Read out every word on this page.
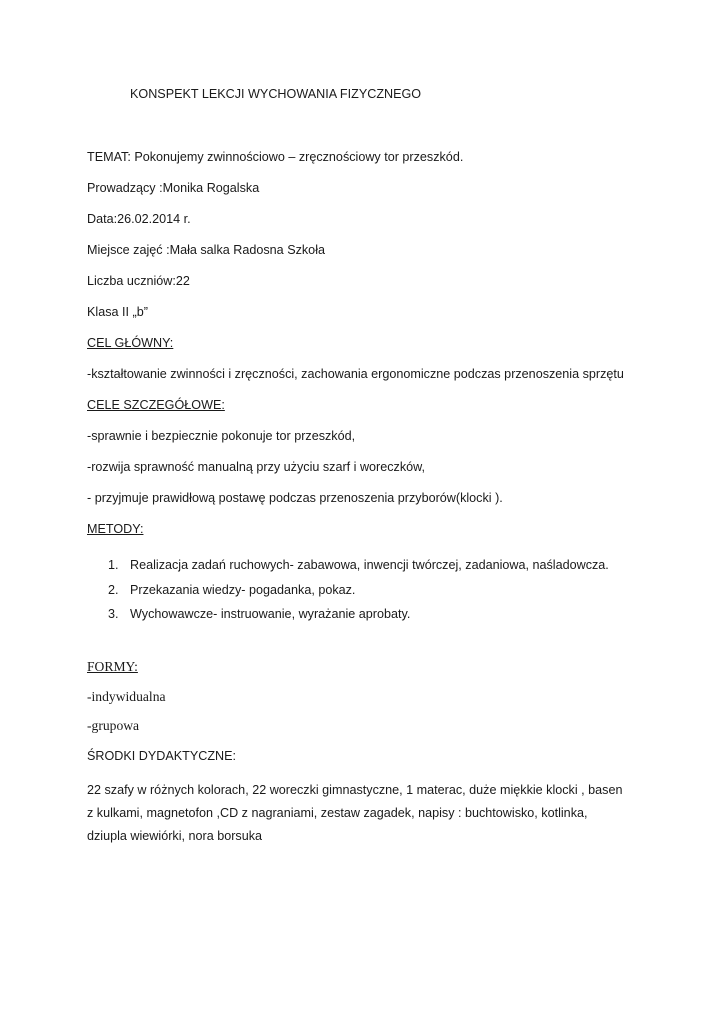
KONSPEKT LEKCJI WYCHOWANIA FIZYCZNEGO

TEMAT: Pokonujemy zwinnościowo – zręcznościowy tor przeszkód.

Prowadzący :Monika Rogalska

Data:26.02.2014 r.

Miejsce zajęć :Mała salka Radosna Szkoła

Liczba uczniów:22

Klasa II „b”

CEL GŁÓWNY:

-kształtowanie zwinności i zręczności, zachowania ergonomiczne podczas przenoszenia sprzętu

CELE SZCZEGÓŁOWE:

-sprawnie i bezpiecznie pokonuje tor przeszkód,

-rozwija sprawność manualną przy użyciu szarf i woreczków,

- przyjmuje prawidłową postawę podczas przenoszenia przyborów(klocki ).

METODY:

1. Realizacja zadań ruchowych- zabawowa, inwencji twórczej, zadaniowa, naśladowcza.
2. Przekazania wiedzy- pogadanka, pokaz.
3. Wychowawcze- instruowanie, wyrażanie aprobaty.

FORMY:

-indywidualna

-grupowa

ŚRODKI DYDAKTYCZNE:

22 szafy w różnych kolorach, 22 woreczki gimnastyczne, 1 materac, duże miękkie klocki , basen z kulkami, magnetofon ,CD z nagraniami, zestaw zagadek, napisy : buchtowisko, kotlinka, dziupla wiewiórki, nora borsuka
